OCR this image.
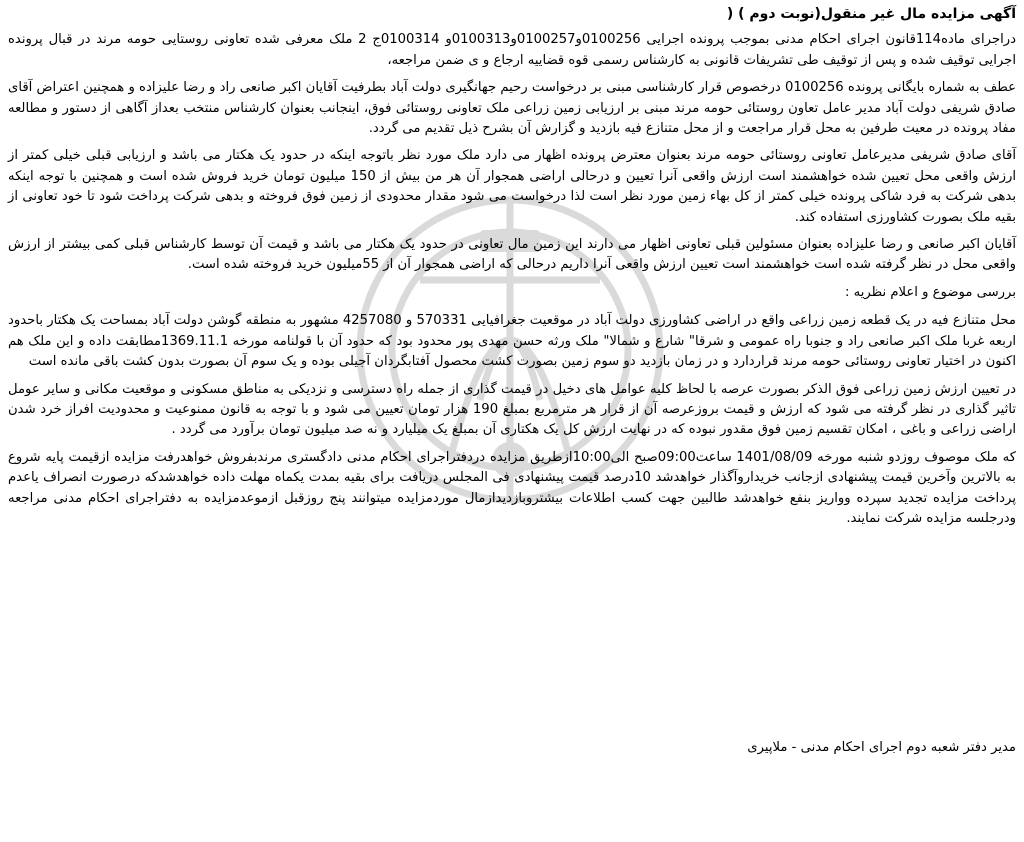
آگهی مزایده مال غیر منقول(نوبت دوم ) (

دراجرای ماده114قانون اجرای احکام مدنی بموجب پرونده اجرایی 0100256و0100257و0100313و 0100314ج 2 ملک معرفی شده تعاونی روستایی حومه مرند در قبال پرونده اجرایی توقیف شده و پس از توقیف طی تشریفات قانونی به کارشناس رسمی قوه قضاییه ارجاع و ی ضمن مراجعه،

عطف به شماره بایگانی پرونده 0100256 درخصوص قرار کارشناسی مبنی بر درخواست رحیم جهانگیری دولت آباد بطرفیت آقایان اکبر صانعی راد و رضا علیزاده و همچنین اعتراض آقای صادق شریفی دولت آباد مدیر عامل تعاون روستائی حومه مرند مبنی بر ارزیابی زمین زراعی ملک تعاونی روستائی فوق، اینجانب بعنوان کارشناس منتخب بعداز آگاهی از دستور و مطالعه مفاد پرونده در معیت طرفین به محل قرار مراجعت و از محل متنازع فیه بازدید و گزارش آن بشرح ذیل تقدیم می گردد.

آقای صادق شریفی مدیرعامل تعاونی روستائی حومه مرند بعنوان معترض پرونده اظهار می دارد ملک مورد نظر باتوجه اینکه در حدود یک هکتار می باشد و ارزیابی قبلی خیلی کمتر از ارزش واقعی محل تعیین شده خواهشمند است ارزش واقعی آنرا تعیین و درحالی اراضی همجوار آن هر من بیش از 150 میلیون تومان خرید فروش شده است و همچنین با توجه اینکه بدهی شرکت به فرد شاکی پرونده خیلی کمتر از کل بهاء زمین مورد نظر است لذا درخواست می شود مقدار محدودی از زمین فوق فروخته و بدهی شرکت پرداخت شود تا خود تعاونی از بقیه ملک بصورت کشاورزی استفاده کند.

آقایان اکبر صانعی و رضا علیزاده بعنوان مسئولین قبلی تعاونی اظهار می دارند این زمین مال تعاونی در حدود یک هکتار می باشد و قیمت آن توسط کارشناس قبلی کمی بیشتر از ارزش واقعی محل در نظر گرفته شده است خواهشمند است تعیین ارزش واقعی آنرا داریم درحالی که اراضی همجوار آن از 55میلیون خرید فروخته شده است.

بررسی موضوع و اعلام نظریه :

محل متنازع فیه در یک قطعه زمین زراعی واقع در اراضی کشاورزی دولت آباد در موقعیت جغرافیایی 570331 و 4257080 مشهور به منطقه گوشن دولت آباد بمساحت یک هکتار باحدود اربعه غربا ملک اکبر صانعی راد و جنوبا راه عمومی و شرقا" شارع و شمالا" ملک ورثه حسن مهدی پور محدود بود که حدود آن با قولنامه مورخه 1369.11.1مطابقت داده و این ملک هم اکنون در اختیار تعاونی روستائی حومه مرند قراردارد و در زمان بازدید دو سوم زمین بصورت کشت محصول آفتابگردان آجیلی بوده و یک سوم آن بصورت بدون کشت باقی مانده است

در تعیین ارزش زمین زراعی فوق الذکر بصورت عرصه با لحاظ کلیه عوامل های دخیل در قیمت گذاری از جمله راه دسترسی و نزدیکی به مناطق مسکونی و موقعیت مکانی و سایر عومل تاثیر گذاری در نظر گرفته می شود که ارزش و قیمت بروزعرصه آن از قرار هر مترمربع بمبلغ 190 هزار تومان تعیین می شود و با توجه به قانون ممنوعیت و محدودیت افراز خرد شدن اراضی زراعی و باغی ، امکان تقسیم زمین فوق مقدور نبوده که در نهایت ارزش کل یک هکتاری آن بمبلغ یک میلیارد و نه صد میلیون تومان برآورد می گردد .

که ملک موصوف روزدو شنبه مورخه 1401/08/09 ساعت09:00صبح الی10:00ازطریق مزایده دردفتراجرای احکام مدنی دادگستری مرندبفروش خواهدرفت مزایده ازقیمت پایه شروع به بالاترین وآخرین قیمت پیشنهادی ازجانب خریداروآگذار خواهدشد 10درصد قیمت پیشنهادی فی المجلس دریافت برای بقیه بمدت یکماه مهلت داده خواهدشدکه درصورت انصراف یاعدم پرداخت مزایده تجدید سپرده وواریز بنفع خواهدشد طالبین جهت کسب اطلاعات بیشتروبازدیدازمال موردمزایده میتوانند پنج روزقبل ازموعدمزایده به دفتراجرای احکام مدنی مراجعه ودرجلسه مزایده شرکت نمایند.

مدیر دفتر شعبه دوم اجرای احکام مدنی - ملاپیری
